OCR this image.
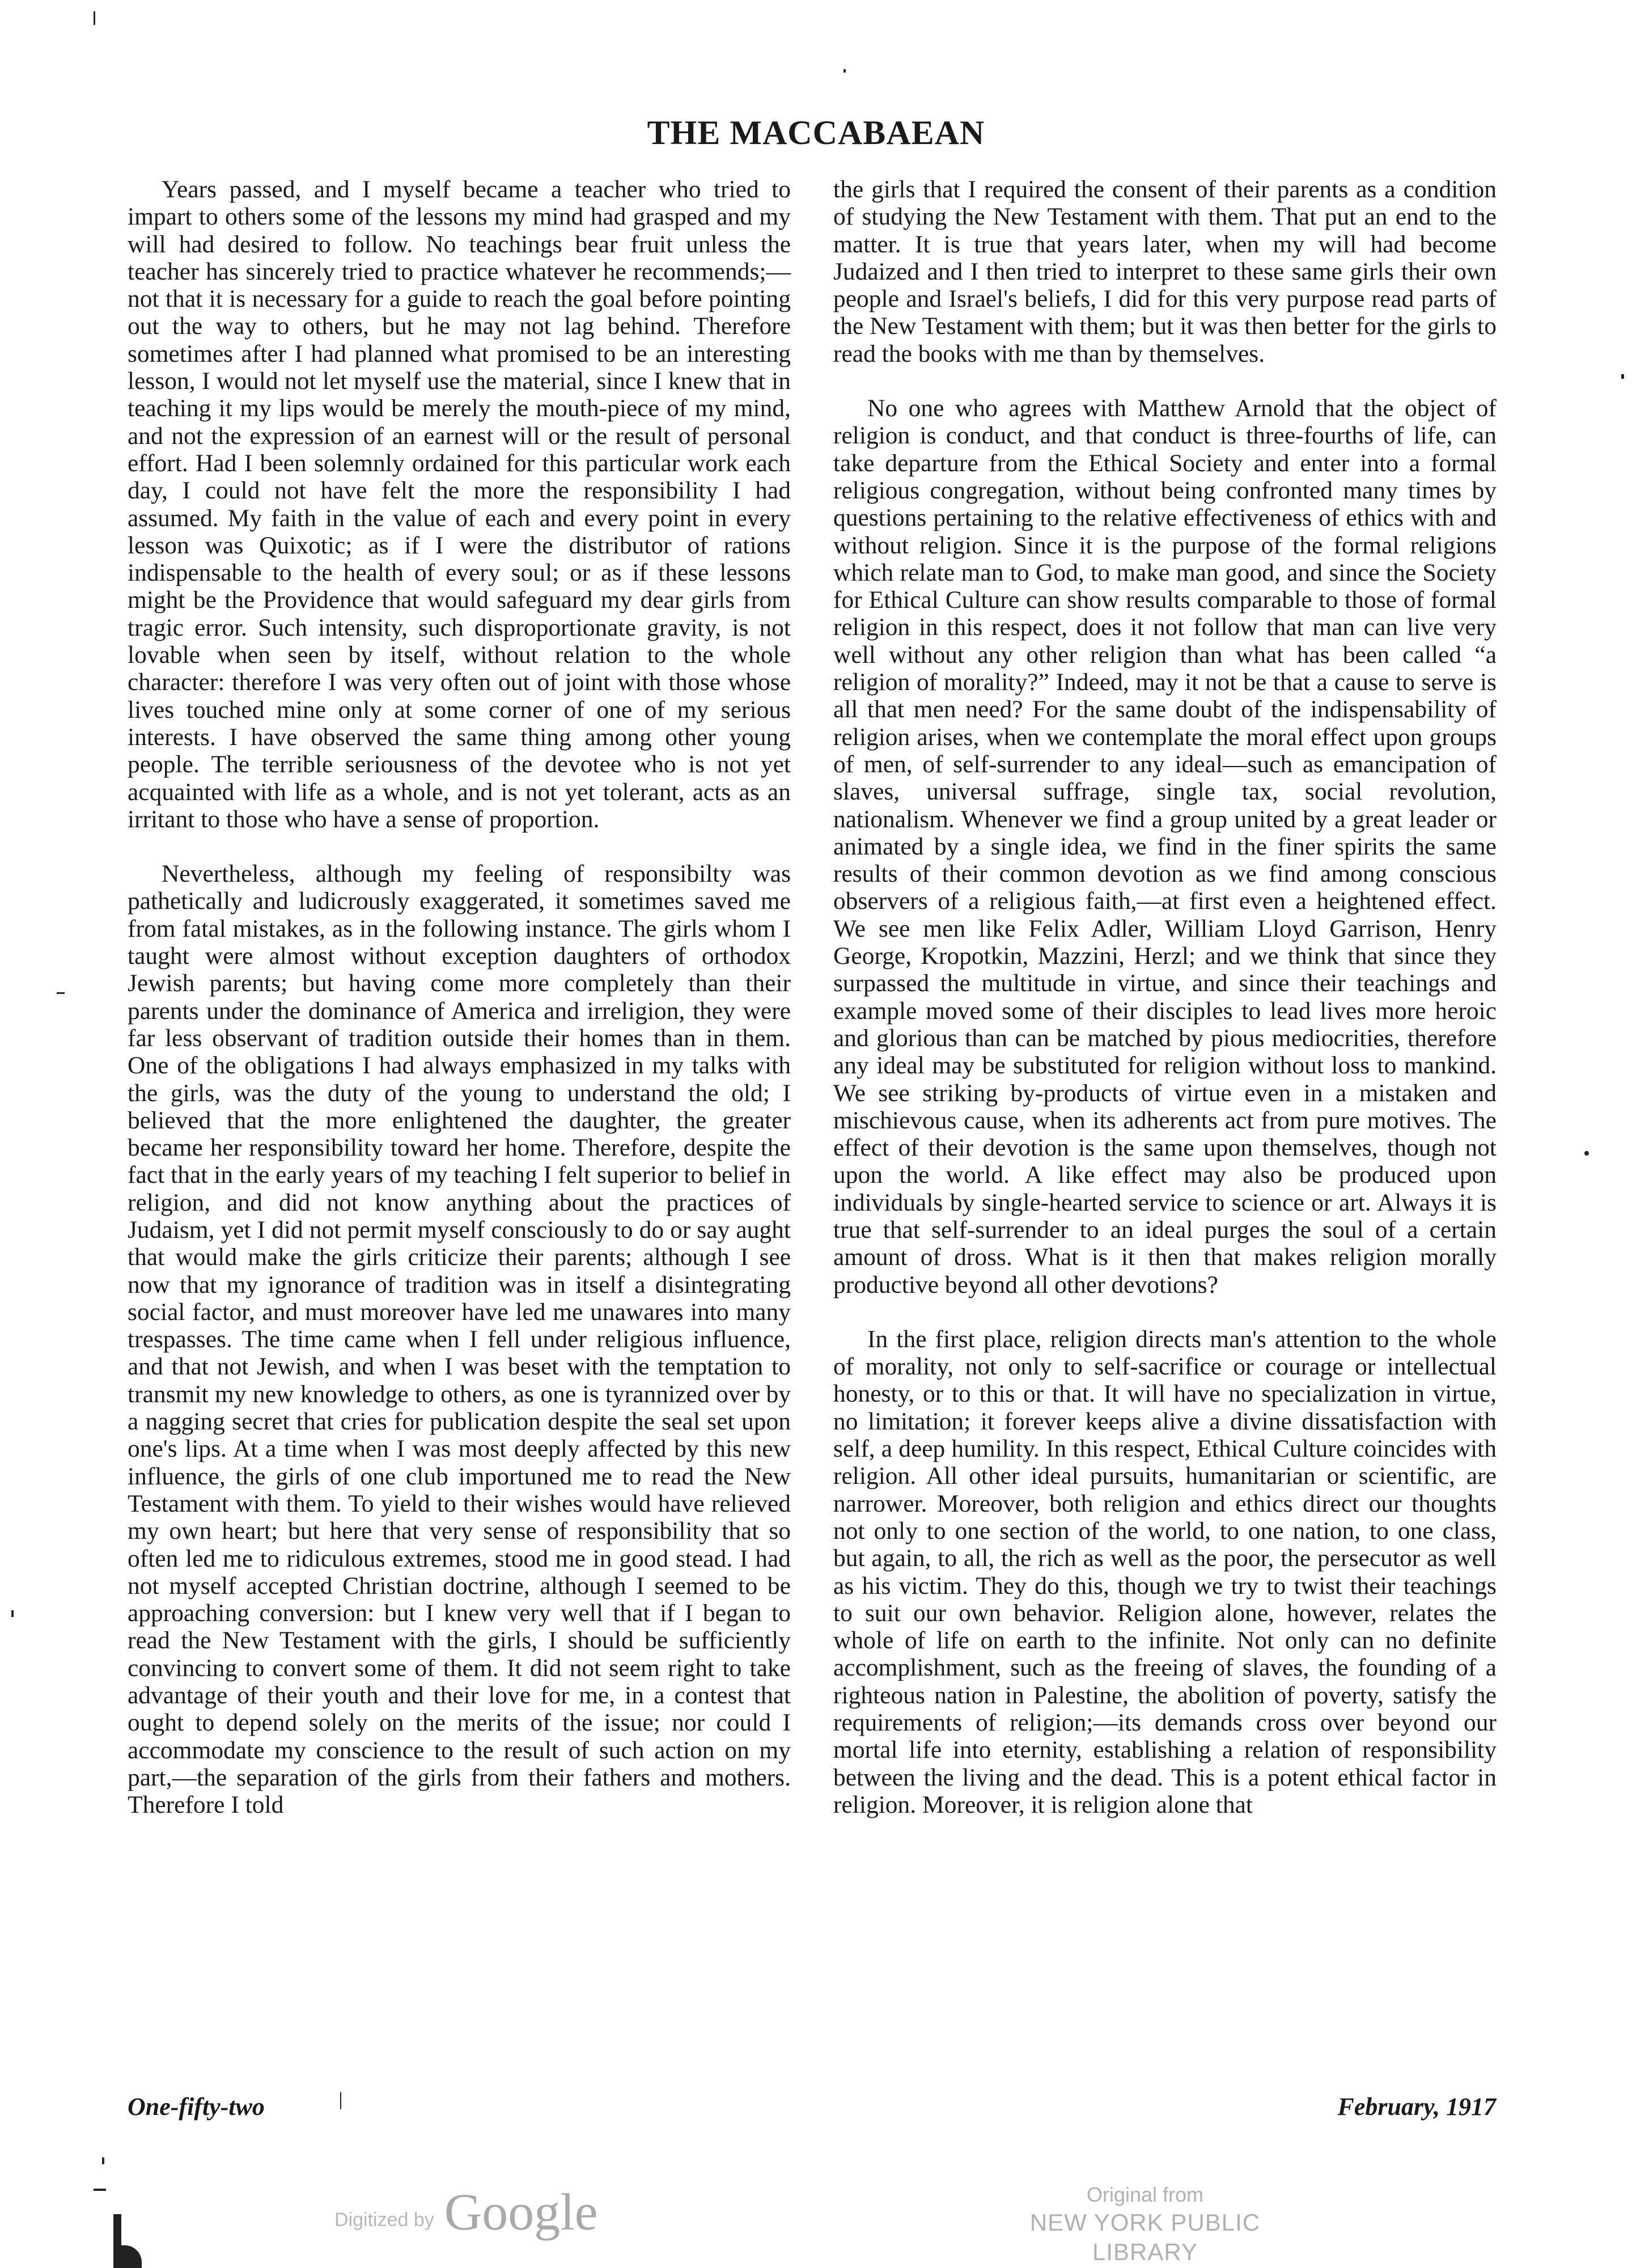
THE MACCABAEAN

Years passed, and I myself became a teacher who tried to impart to others some of the lessons my mind had grasped and my will had desired to follow. No teachings bear fruit unless the teacher has sincerely tried to practice whatever he recommends;—not that it is necessary for a guide to reach the goal before pointing out the way to others, but he may not lag behind. Therefore sometimes after I had planned what promised to be an interesting lesson, I would not let myself use the material, since I knew that in teaching it my lips would be merely the mouth-piece of my mind, and not the expression of an earnest will or the result of personal effort. Had I been solemnly ordained for this particular work each day, I could not have felt the more the responsibility I had assumed. My faith in the value of each and every point in every lesson was Quixotic; as if I were the distributor of rations indispensable to the health of every soul; or as if these lessons might be the Providence that would safeguard my dear girls from tragic error. Such intensity, such disproportionate gravity, is not lovable when seen by itself, without relation to the whole character: therefore I was very often out of joint with those whose lives touched mine only at some corner of one of my serious interests. I have observed the same thing among other young people. The terrible seriousness of the devotee who is not yet acquainted with life as a whole, and is not yet tolerant, acts as an irritant to those who have a sense of proportion.

Nevertheless, although my feeling of responsibilty was pathetically and ludicrously exaggerated, it sometimes saved me from fatal mistakes, as in the following instance. The girls whom I taught were almost without exception daughters of orthodox Jewish parents; but having come more completely than their parents under the dominance of America and irreligion, they were far less observant of tradition outside their homes than in them. One of the obligations I had always emphasized in my talks with the girls, was the duty of the young to understand the old; I believed that the more enlightened the daughter, the greater became her responsibility toward her home. Therefore, despite the fact that in the early years of my teaching I felt superior to belief in religion, and did not know anything about the practices of Judaism, yet I did not permit myself consciously to do or say aught that would make the girls criticize their parents; although I see now that my ignorance of tradition was in itself a disintegrating social factor, and must moreover have led me unawares into many trespasses. The time came when I fell under religious influence, and that not Jewish, and when I was beset with the temptation to transmit my new knowledge to others, as one is tyrannized over by a nagging secret that cries for publication despite the seal set upon one's lips. At a time when I was most deeply affected by this new influence, the girls of one club importuned me to read the New Testament with them. To yield to their wishes would have relieved my own heart; but here that very sense of responsibility that so often led me to ridiculous extremes, stood me in good stead. I had not myself accepted Christian doctrine, although I seemed to be approaching conversion: but I knew very well that if I began to read the New Testament with the girls, I should be sufficiently convincing to convert some of them. It did not seem right to take advantage of their youth and their love for me, in a contest that ought to depend solely on the merits of the issue; nor could I accommodate my conscience to the result of such action on my part,—the separation of the girls from their fathers and mothers. Therefore I told

the girls that I required the consent of their parents as a condition of studying the New Testament with them. That put an end to the matter. It is true that years later, when my will had become Judaized and I then tried to interpret to these same girls their own people and Israel's beliefs, I did for this very purpose read parts of the New Testament with them; but it was then better for the girls to read the books with me than by themselves.

No one who agrees with Matthew Arnold that the object of religion is conduct, and that conduct is three-fourths of life, can take departure from the Ethical Society and enter into a formal religious congregation, without being confronted many times by questions pertaining to the relative effectiveness of ethics with and without religion. Since it is the purpose of the formal religions which relate man to God, to make man good, and since the Society for Ethical Culture can show results comparable to those of formal religion in this respect, does it not follow that man can live very well without any other religion than what has been called “a religion of morality?” Indeed, may it not be that a cause to serve is all that men need? For the same doubt of the indispensability of religion arises, when we contemplate the moral effect upon groups of men, of self-surrender to any ideal—such as emancipation of slaves, universal suffrage, single tax, social revolution, nationalism. Whenever we find a group united by a great leader or animated by a single idea, we find in the finer spirits the same results of their common devotion as we find among conscious observers of a religious faith,—at first even a heightened effect. We see men like Felix Adler, William Lloyd Garrison, Henry George, Kropotkin, Mazzini, Herzl; and we think that since they surpassed the multitude in virtue, and since their teachings and example moved some of their disciples to lead lives more heroic and glorious than can be matched by pious mediocrities, therefore any ideal may be substituted for religion without loss to mankind. We see striking by-products of virtue even in a mistaken and mischievous cause, when its adherents act from pure motives. The effect of their devotion is the same upon themselves, though not upon the world. A like effect may also be produced upon individuals by single-hearted service to science or art. Always it is true that self-surrender to an ideal purges the soul of a certain amount of dross. What is it then that makes religion morally productive beyond all other devotions?

In the first place, religion directs man's attention to the whole of morality, not only to self-sacrifice or courage or intellectual honesty, or to this or that. It will have no specialization in virtue, no limitation; it forever keeps alive a divine dissatisfaction with self, a deep humility. In this respect, Ethical Culture coincides with religion. All other ideal pursuits, humanitarian or scientific, are narrower. Moreover, both religion and ethics direct our thoughts not only to one section of the world, to one nation, to one class, but again, to all, the rich as well as the poor, the persecutor as well as his victim. They do this, though we try to twist their teachings to suit our own behavior. Religion alone, however, relates the whole of life on earth to the infinite. Not only can no definite accomplishment, such as the freeing of slaves, the founding of a righteous nation in Palestine, the abolition of poverty, satisfy the requirements of religion;—its demands cross over beyond our mortal life into eternity, establishing a relation of responsibility between the living and the dead. This is a potent ethical factor in religion. Moreover, it is religion alone that

One-fifty-two	February, 1917
Digitized by Google	Original from
NEW YORK PUBLIC LIBRARY
